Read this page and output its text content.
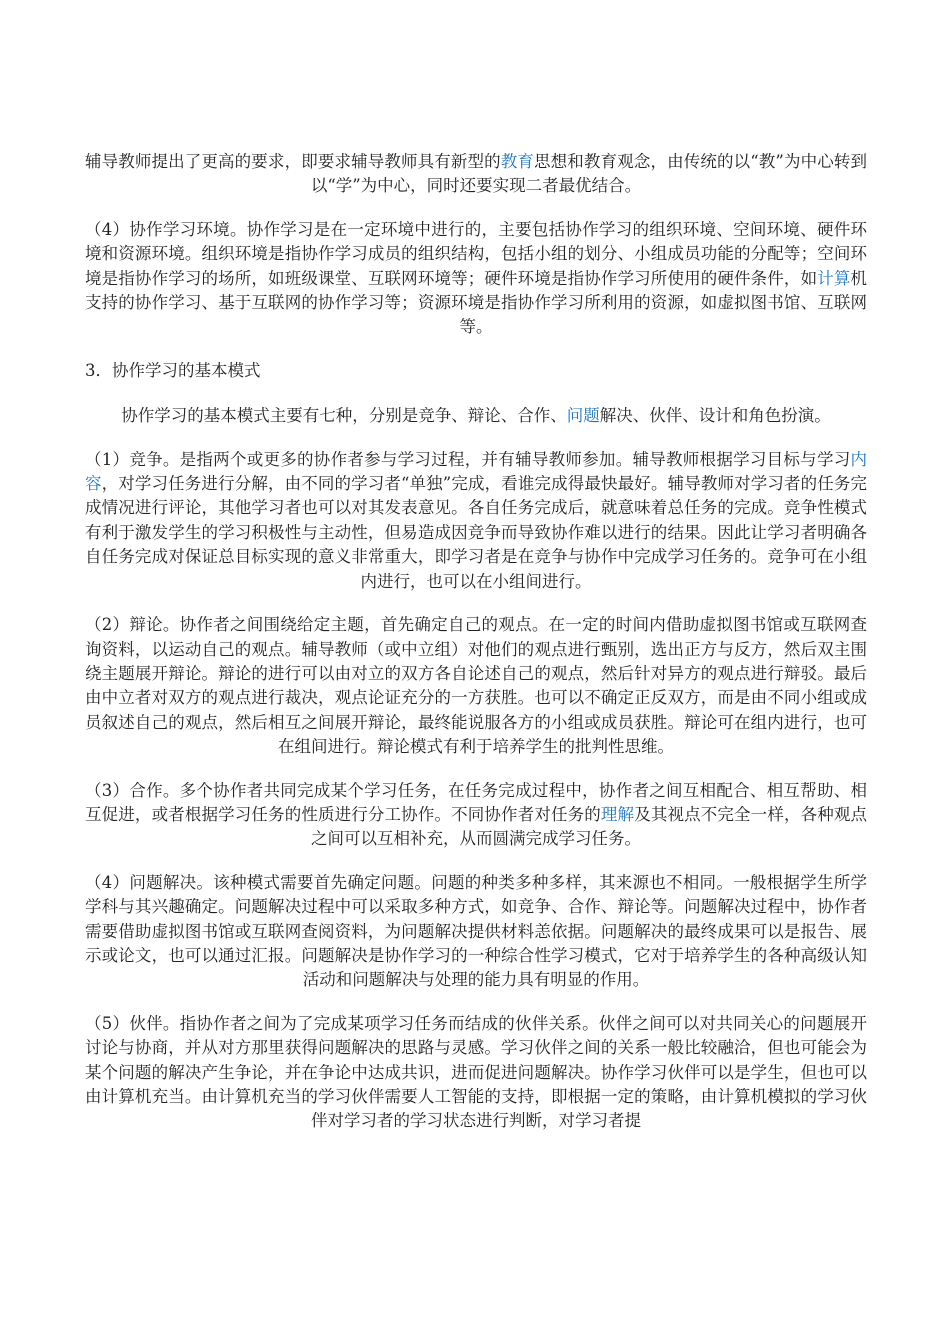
辅导教师提出了更高的要求，即要求辅导教师具有新型的教育思想和教育观念，由传统的以“教”为中心转到以“学”为中心，同时还要实现二者最优结合。

（4）协作学习环境。协作学习是在一定环境中进行的，主要包括协作学习的组织环境、空间环境、硬件环境和资源环境。组织环境是指协作学习成员的组织结构，包括小组的划分、小组成员功能的分配等；空间环境是指协作学习的场所，如班级课堂、互联网环境等；硬件环境是指协作学习所使用的硬件条件，如计算机支持的协作学习、基于互联网的协作学习等；资源环境是指协作学习所利用的资源，如虚拟图书馆、互联网等。

3．协作学习的基本模式

协作学习的基本模式主要有七种，分别是竞争、辩论、合作、问题解决、伙伴、设计和角色扮演。

（1）竞争。是指两个或更多的协作者参与学习过程，并有辅导教师参加。辅导教师根据学习目标与学习内容，对学习任务进行分解，由不同的学习者“单独”完成，看谁完成得最快最好。辅导教师对学习者的任务完成情况进行评论，其他学习者也可以对其发表意见。各自任务完成后，就意味着总任务的完成。竞争性模式有利于激发学生的学习积极性与主动性，但易造成因竞争而导致协作难以进行的结果。因此让学习者明确各自任务完成对保证总目标实现的意义非常重大，即学习者是在竞争与协作中完成学习任务的。竞争可在小组内进行，也可以在小组间进行。

（2）辩论。协作者之间围绕给定主题，首先确定自己的观点。在一定的时间内借助虚拟图书馆或互联网查询资料，以运动自己的观点。辅导教师（或中立组）对他们的观点进行甄别，选出正方与反方，然后双主围绕主题展开辩论。辩论的进行可以由对立的双方各自论述自己的观点，然后针对异方的观点进行辩驳。最后由中立者对双方的观点进行裁决，观点论证充分的一方获胜。也可以不确定正反双方，而是由不同小组或成员叙述自己的观点，然后相互之间展开辩论，最终能说服各方的小组或成员获胜。辩论可在组内进行，也可在组间进行。辩论模式有利于培养学生的批判性思维。

（3）合作。多个协作者共同完成某个学习任务，在任务完成过程中，协作者之间互相配合、相互帮助、相互促进，或者根据学习任务的性质进行分工协作。不同协作者对任务的理解及其视点不完全一样，各种观点之间可以互相补充，从而圆满完成学习任务。

（4）问题解决。该种模式需要首先确定问题。问题的种类多种多样，其来源也不相同。一般根据学生所学学科与其兴趣确定。问题解决过程中可以采取多种方式，如竞争、合作、辩论等。问题解决过程中，协作者需要借助虚拟图书馆或互联网查阅资料，为问题解决提供材料恙依据。问题解决的最终成果可以是报告、展示或论文，也可以通过汇报。问题解决是协作学习的一种综合性学习模式，它对于培养学生的各种高级认知活动和问题解决与处理的能力具有明显的作用。

（5）伙伴。指协作者之间为了完成某项学习任务而结成的伙伴关系。伙伴之间可以对共同关心的问题展开讨论与协商，并从对方那里获得问题解决的思路与灵感。学习伙伴之间的关系一般比较融洽，但也可能会为某个问题的解决产生争论，并在争论中达成共识，进而促进问题解决。协作学习伙伴可以是学生，但也可以由计算机充当。由计算机充当的学习伙伴需要人工智能的支持，即根据一定的策略，由计算机模拟的学习伙伴对学习者的学习状态进行判断，对学习者提
